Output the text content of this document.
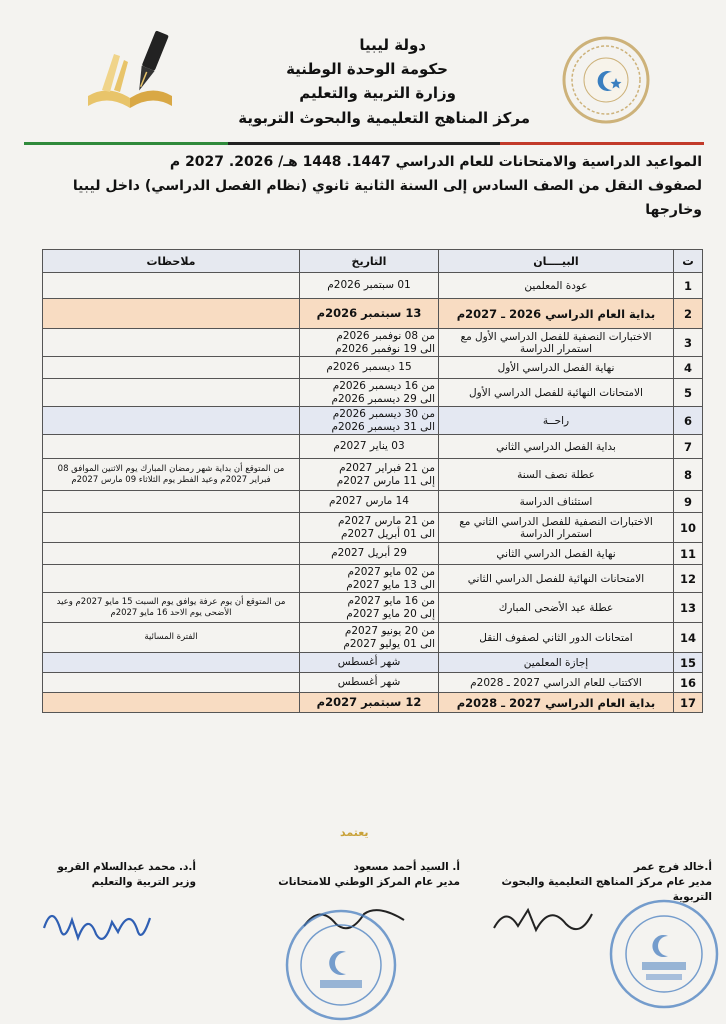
دولة ليبيا
حكومة الوحدة الوطنية
وزارة التربية والتعليم
مركز المناهج التعليمية والبحوث التربوية
المواعيد الدراسية والامتحانات للعام الدراسي 1447. 1448 هـ/ 2026. 2027 م
لصفوف النقل من الصف السادس إلى السنة الثانية ثانوي (نظام الفصل الدراسي) داخل ليبيا
وخارجها
ت	البيــــان	التاريخ	ملاحظات
1	عودة المعلمين	01 سبتمبر 2026م	

2	بداية العام الدراسي 2026 ـ 2027م	13 سبتمبر 2026م	

3	الاختبارات النصفية للفصل الدراسي الأول مع استمرار الدراسة	من 08 نوفمبر 2026م
الى 19 نوفمبر 2026م	

4	نهاية الفصل الدراسي الأول	15 ديسمبر 2026م	

5	الامتحانات النهائية للفصل الدراسي الأول	من 16 ديسمبر 2026م
الى 29 ديسمبر 2026م	

6	راحــة	من 30 ديسمبر 2026م
الى 31 ديسمبر 2026م	

7	بداية الفصل الدراسي الثاني	03 يناير 2027م	

8	عطلة نصف السنة	من 21 فبراير 2027م
إلى 11 مارس 2027م	من المتوقع أن بداية شهر رمضان المبارك يوم الاثنين الموافق 08 فبراير 2027م وعيد الفطر يوم الثلاثاء 09 مارس 2027م
9	استئناف الدراسة	14 مارس 2027م	

10	الاختبارات النصفية للفصل الدراسي الثاني مع استمرار الدراسة	من 21 مارس 2027م
الى 01 أبريل 2027م	

11	نهاية الفصل الدراسي الثاني	29 أبريل 2027م	

12	الامتحانات النهائية للفصل الدراسي الثاني	من 02 مايو 2027م
الى 13 مايو 2027م	

13	عطلة عيد الأضحى المبارك	من 16 مايو 2027م
إلى 20 مايو 2027م	من المتوقع أن يوم عرفة يوافق يوم السبت 15 مايو 2027م وعيد الأضحى يوم الاحد 16 مايو 2027م
14	امتحانات الدور الثاني لصفوف النقل	من 20 يونيو 2027م
الى 01 يوليو 2027م	الفترة المسائية
15	إجازة المعلمين	شهر أغسطس	

16	الاكتتاب للعام الدراسي 2027 ـ 2028م	شهر أغسطس	

17	بداية العام الدراسي 2027 ـ 2028م	12 سبتمبر 2027م	

يعتمد
أ.خالد فرج عمر
مدير عام مركز المناهج التعليمية والبحوث التربوية
أ. السيد أحمد مسعود
مدير عام المركز الوطني للامتحانات
أ.د. محمد عبدالسلام القريو
وزير التربية والتعليم
